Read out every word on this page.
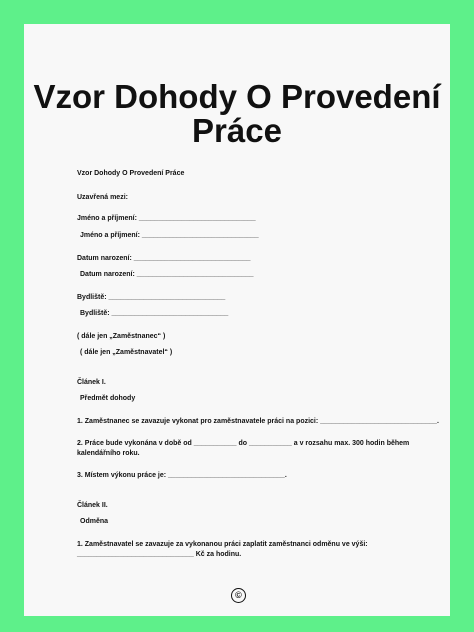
Vzor Dohody O Provedení
Práce
Vzor Dohody O Provedení Práce
Uzavřená mezi:
Jméno a příjmení: ______________________________
Jméno a příjmení: ______________________________
Datum narození: ______________________________
Datum narození: ______________________________
Bydliště: ______________________________
Bydliště: ______________________________
( dále jen „Zaměstnanec“ )
( dále jen „Zaměstnavatel“ )
Článek I.
Předmět dohody
1. Zaměstnanec se zavazuje vykonat pro zaměstnavatele práci na pozici: ______________________________.
2. Práce bude vykonána v době od ___________ do ___________ a v rozsahu max. 300 hodin během
kalendářního roku.
3. Místem výkonu práce je: ______________________________.
Článek II.
Odměna
1. Zaměstnavatel se zavazuje za vykonanou práci zaplatit zaměstnanci odměnu ve výši:
______________________________ Kč za hodinu.
©
